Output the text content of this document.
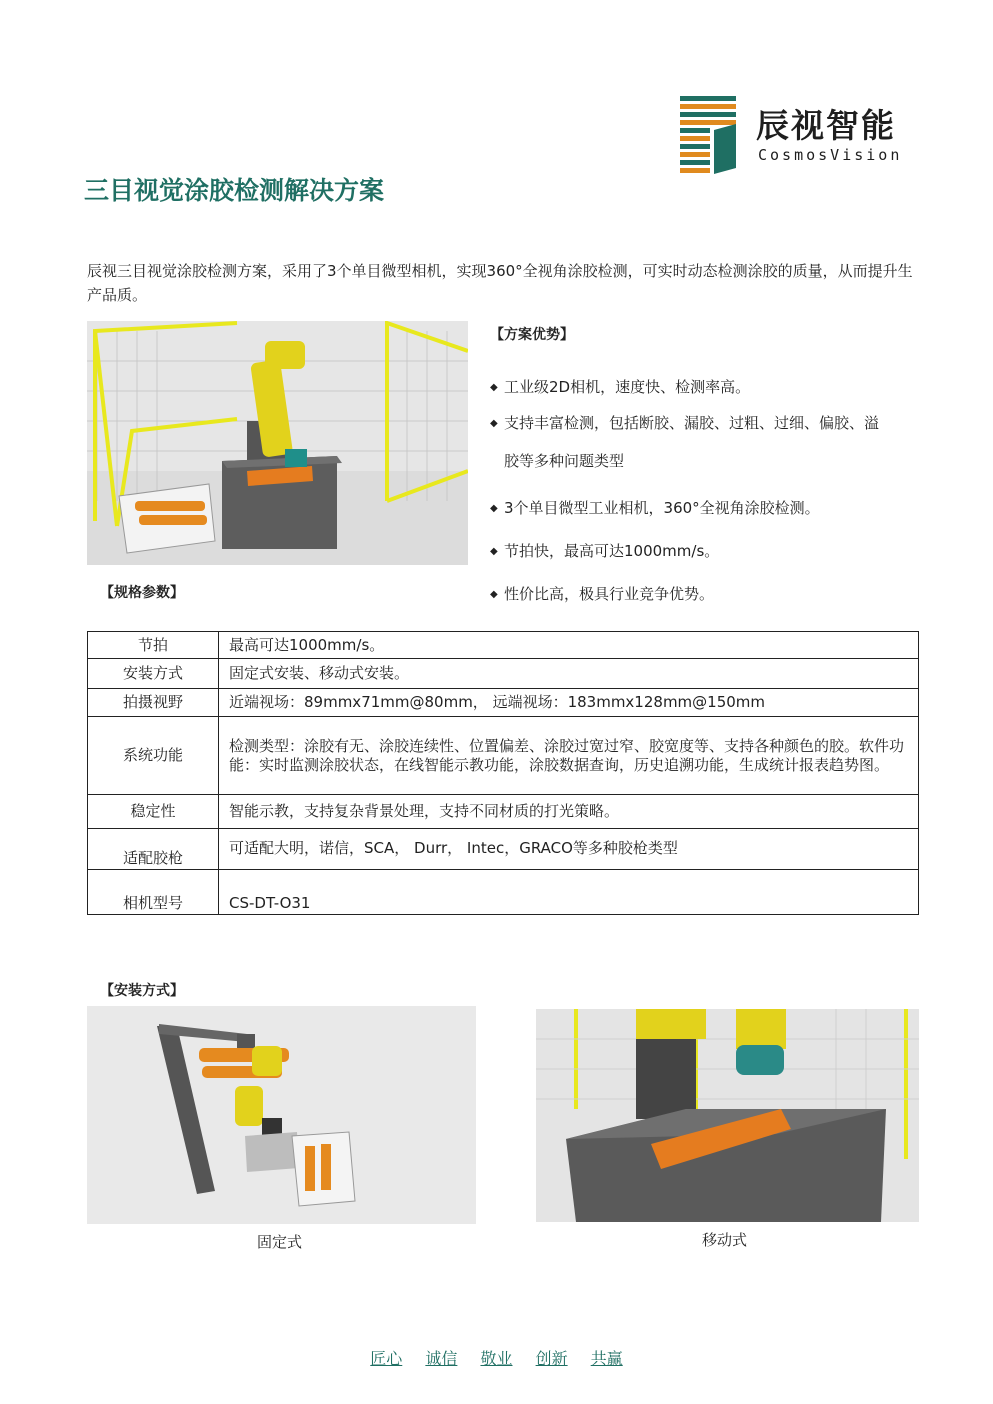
辰视智能
CosmosVision
三目视觉涂胶检测解决方案
辰视三目视觉涂胶检测方案，采用了3个单目微型相机，实现360°全视角涂胶检测，可实时动态检测涂胶的质量，从而提升生产品质。
【规格参数】
【方案优势】
◆ 工业级2D相机，速度快、检测率高。
◆ 支持丰富检测，包括断胶、漏胶、过粗、过细、偏胶、溢
胶等多种问题类型
◆ 3个单目微型工业相机，360°全视角涂胶检测。
◆ 节拍快，最高可达1000mm/s。
◆ 性价比高，极具行业竞争优势。
节拍	最高可达1000mm/s。
安装方式	固定式安装、移动式安装。
拍摄视野	近端视场：89mmx71mm@80mm， 远端视场：183mmx128mm@150mm
系统功能	检测类型：涂胶有无、涂胶连续性、位置偏差、涂胶过宽过窄、胶宽度等、支持各种颜色的胶。软件功能：实时监测涂胶状态，在线智能示教功能，涂胶数据查询，历史追溯功能，生成统计报表趋势图。
稳定性	智能示教，支持复杂背景处理，支持不同材质的打光策略。
适配胶枪	可适配大明，诺信，SCA， Durr， Intec，GRACO等多种胶枪类型
相机型号	CS-DT-O31
【安装方式】
固定式	移动式
匠心 诚信 敬业 创新 共赢
